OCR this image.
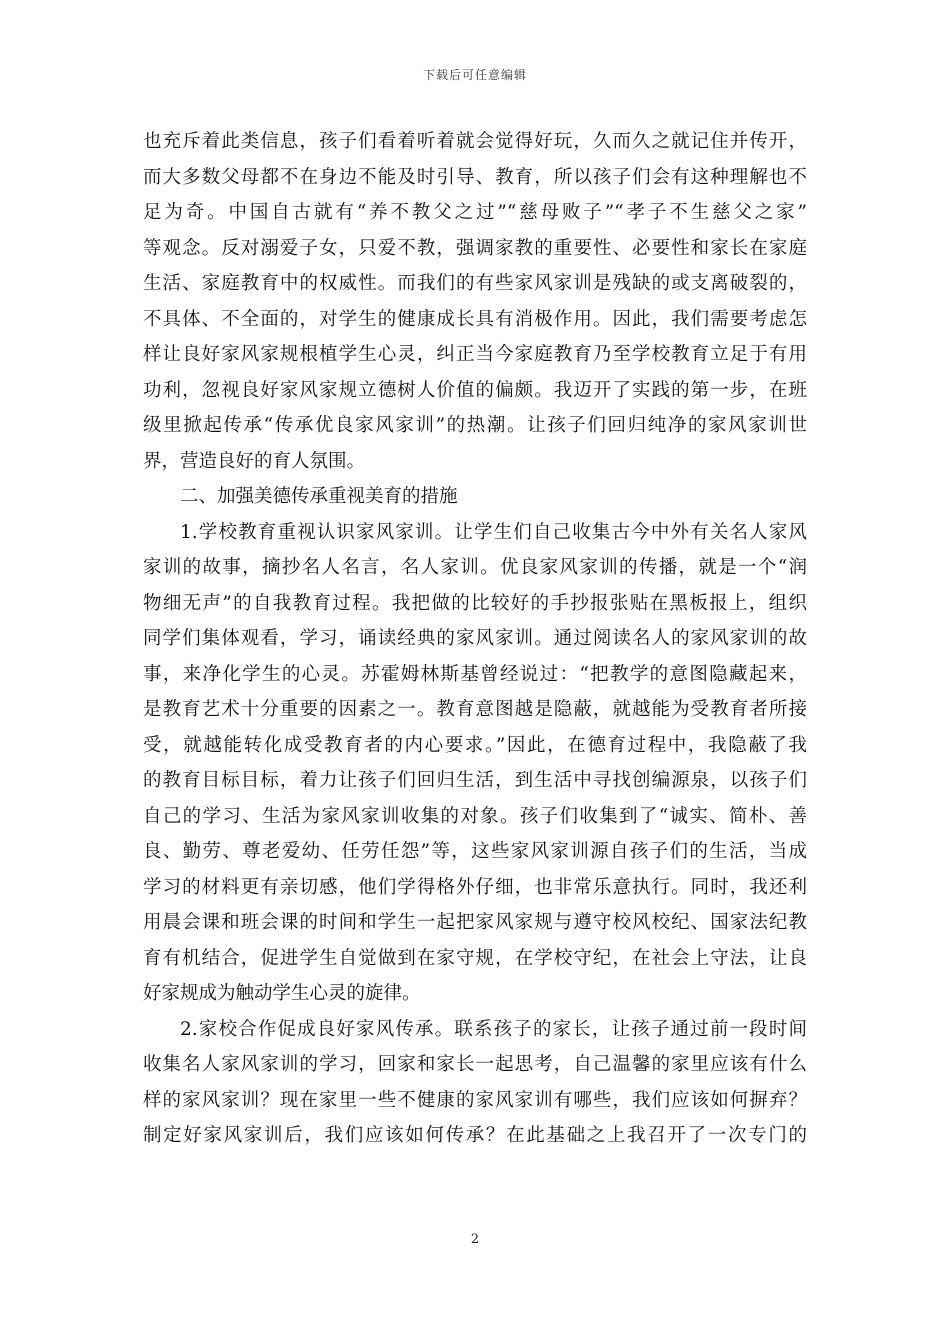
下载后可任意编辑
也充斥着此类信息，孩子们看着听着就会觉得好玩，久而久之就记住并传开，
而大多数父母都不在身边不能及时引导、教育，所以孩子们会有这种理解也不
足为奇。中国自古就有“养不教父之过”“慈母败子”“孝子不生慈父之家”
等观念。反对溺爱子女，只爱不教，强调家教的重要性、必要性和家长在家庭
生活、家庭教育中的权威性。而我们的有些家风家训是残缺的或支离破裂的，
不具体、不全面的，对学生的健康成长具有消极作用。因此，我们需要考虑怎
样让良好家风家规根植学生心灵，纠正当今家庭教育乃至学校教育立足于有用
功利，忽视良好家风家规立德树人价值的偏颇。我迈开了实践的第一步，在班
级里掀起传承“传承优良家风家训”的热潮。让孩子们回归纯净的家风家训世
界，营造良好的育人氛围。
二、加强美德传承重视美育的措施
1.学校教育重视认识家风家训。让学生们自己收集古今中外有关名人家风
家训的故事，摘抄名人名言，名人家训。优良家风家训的传播，就是一个“润
物细无声”的自我教育过程。我把做的比较好的手抄报张贴在黑板报上，组织
同学们集体观看，学习，诵读经典的家风家训。通过阅读名人的家风家训的故
事，来净化学生的心灵。苏霍姆林斯基曾经说过：“把教学的意图隐藏起来，
是教育艺术十分重要的因素之一。教育意图越是隐蔽，就越能为受教育者所接
受，就越能转化成受教育者的内心要求。”因此，在德育过程中，我隐蔽了我
的教育目标目标，着力让孩子们回归生活，到生活中寻找创编源泉，以孩子们
自己的学习、生活为家风家训收集的对象。孩子们收集到了“诚实、简朴、善
良、勤劳、尊老爱幼、任劳任怨”等，这些家风家训源自孩子们的生活，当成
学习的材料更有亲切感，他们学得格外仔细，也非常乐意执行。同时，我还利
用晨会课和班会课的时间和学生一起把家风家规与遵守校风校纪、国家法纪教
育有机结合，促进学生自觉做到在家守规，在学校守纪，在社会上守法，让良
好家规成为触动学生心灵的旋律。
2.家校合作促成良好家风传承。联系孩子的家长，让孩子通过前一段时间
收集名人家风家训的学习，回家和家长一起思考，自己温馨的家里应该有什么
样的家风家训？现在家里一些不健康的家风家训有哪些，我们应该如何摒弃？
制定好家风家训后，我们应该如何传承？在此基础之上我召开了一次专门的
2
